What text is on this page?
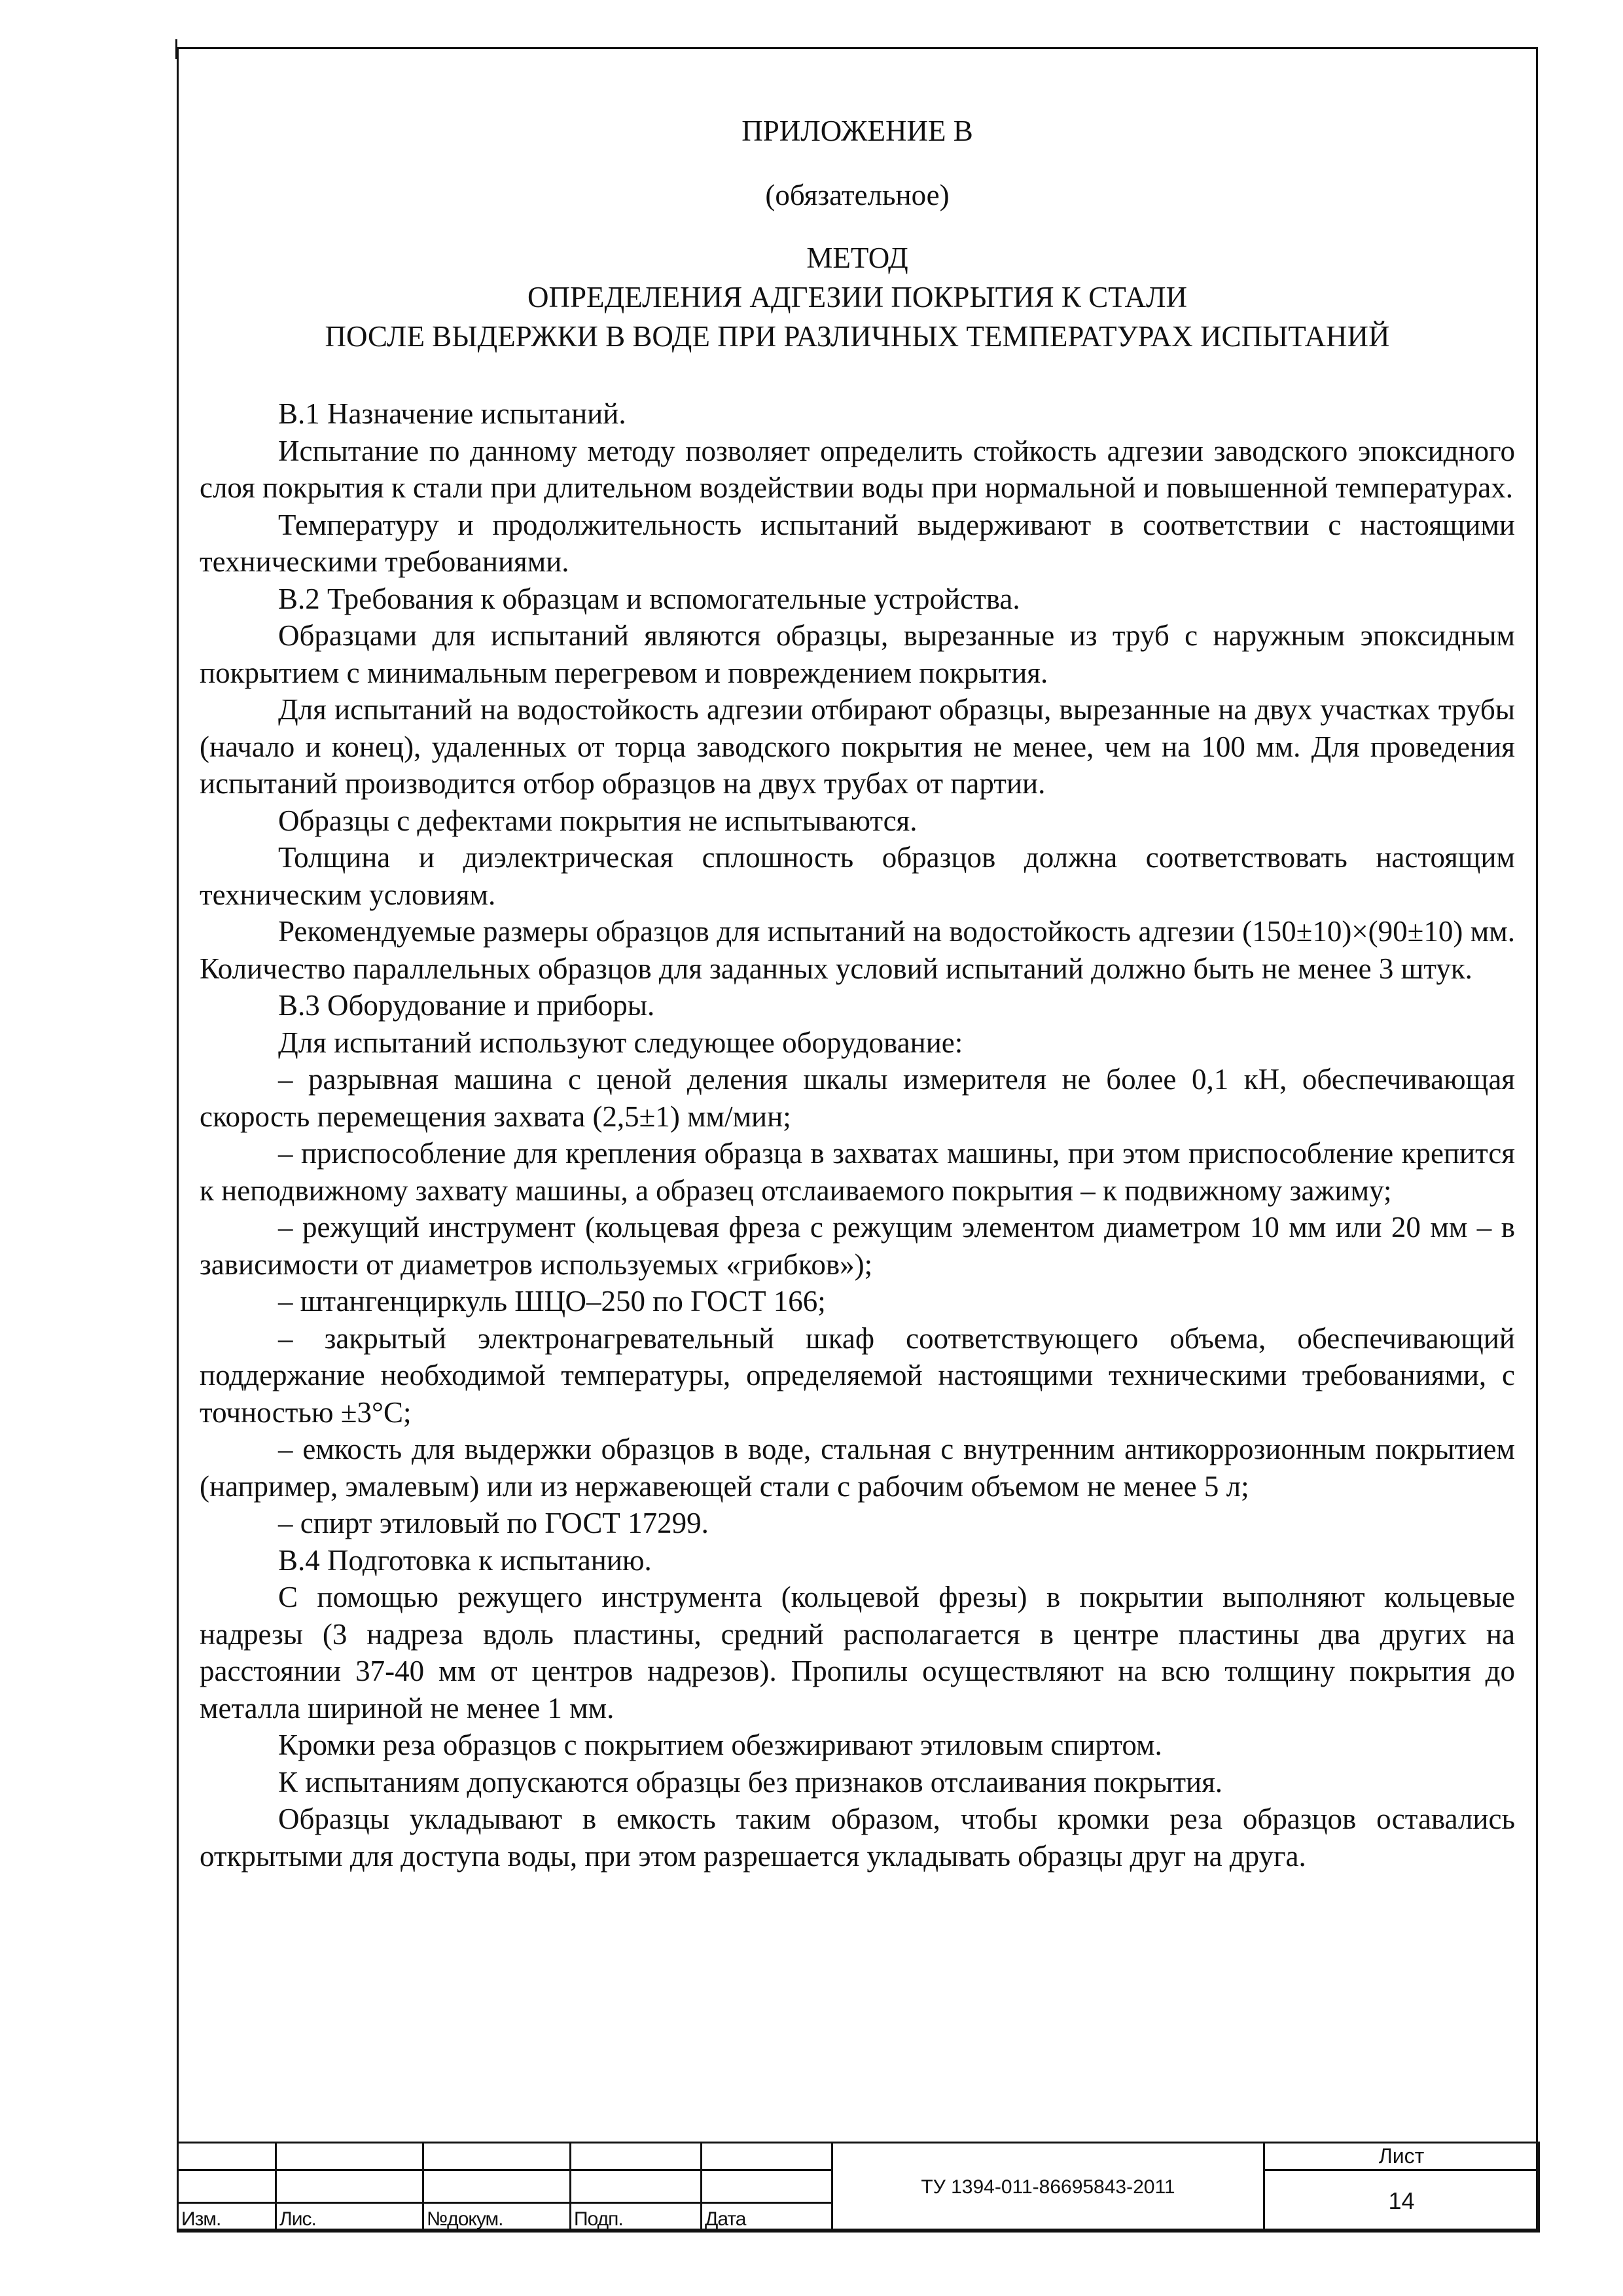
ПРИЛОЖЕНИЕ В

(обязательное)

МЕТОД

ОПРЕДЕЛЕНИЯ АДГЕЗИИ ПОКРЫТИЯ К СТАЛИ

ПОСЛЕ ВЫДЕРЖКИ В ВОДЕ ПРИ РАЗЛИЧНЫХ ТЕМПЕРАТУРАХ ИСПЫТАНИЙ

В.1 Назначение испытаний.

Испытание по данному методу позволяет определить стойкость адгезии заводского эпоксидного слоя покрытия к стали при длительном воздействии воды при нормальной и повышенной температурах.

Температуру и продолжительность испытаний выдерживают в соответствии с настоящими техническими требованиями.

В.2 Требования к образцам и вспомогательные устройства.

Образцами для испытаний являются образцы, вырезанные из труб с наружным эпоксидным покрытием с минимальным перегревом и повреждением покрытия.

Для испытаний на водостойкость адгезии отбирают образцы, вырезанные на двух участках трубы (начало и конец), удаленных от торца заводского покрытия не менее, чем на 100 мм. Для проведения испытаний производится отбор образцов на двух трубах от партии.

Образцы с дефектами покрытия не испытываются.

Толщина и диэлектрическая сплошность образцов должна соответствовать настоящим техническим условиям.

Рекомендуемые размеры образцов для испытаний на водостойкость адгезии (150±10)×(90±10) мм. Количество параллельных образцов для заданных условий испытаний должно быть не менее 3 штук.

В.3 Оборудование и приборы.

Для испытаний используют следующее оборудование:

– разрывная машина с ценой деления шкалы измерителя не более 0,1 кН, обеспечивающая скорость перемещения захвата (2,5±1) мм/мин;

– приспособление для крепления образца в захватах машины, при этом приспособление крепится к неподвижному захвату машины, а образец отслаиваемого покрытия – к подвижному зажиму;

– режущий инструмент (кольцевая фреза с режущим элементом диаметром 10 мм или 20 мм – в зависимости от диаметров используемых «грибков»);

– штангенциркуль ШЦО–250 по ГОСТ 166;

– закрытый электронагревательный шкаф соответствующего объема, обеспечивающий поддержание необходимой температуры, определяемой настоящими техническими требованиями, с точностью ±3°С;

– емкость для выдержки образцов в воде, стальная с внутренним антикоррозионным покрытием (например, эмалевым) или из нержавеющей стали с рабочим объемом не менее 5 л;

– спирт этиловый по ГОСТ 17299.

В.4 Подготовка к испытанию.

С помощью режущего инструмента (кольцевой фрезы) в покрытии выполняют кольцевые надрезы (3 надреза вдоль пластины, средний располагается в центре пластины два других на расстоянии 37-40 мм от центров надрезов). Пропилы осуществляют на всю толщину покрытия до металла шириной не менее 1 мм.

Кромки реза образцов с покрытием обезжиривают этиловым спиртом.

К испытаниям допускаются образцы без признаков отслаивания покрытия.

Образцы укладывают в емкость таким образом, чтобы кромки реза образцов оставались открытыми для доступа воды, при этом разрешается укладывать образцы друг на друга.

					ТУ 1394-011-86695843-2011	Лист
						14
Изм.	Лис.	№докум.	Подп.	Дата		
